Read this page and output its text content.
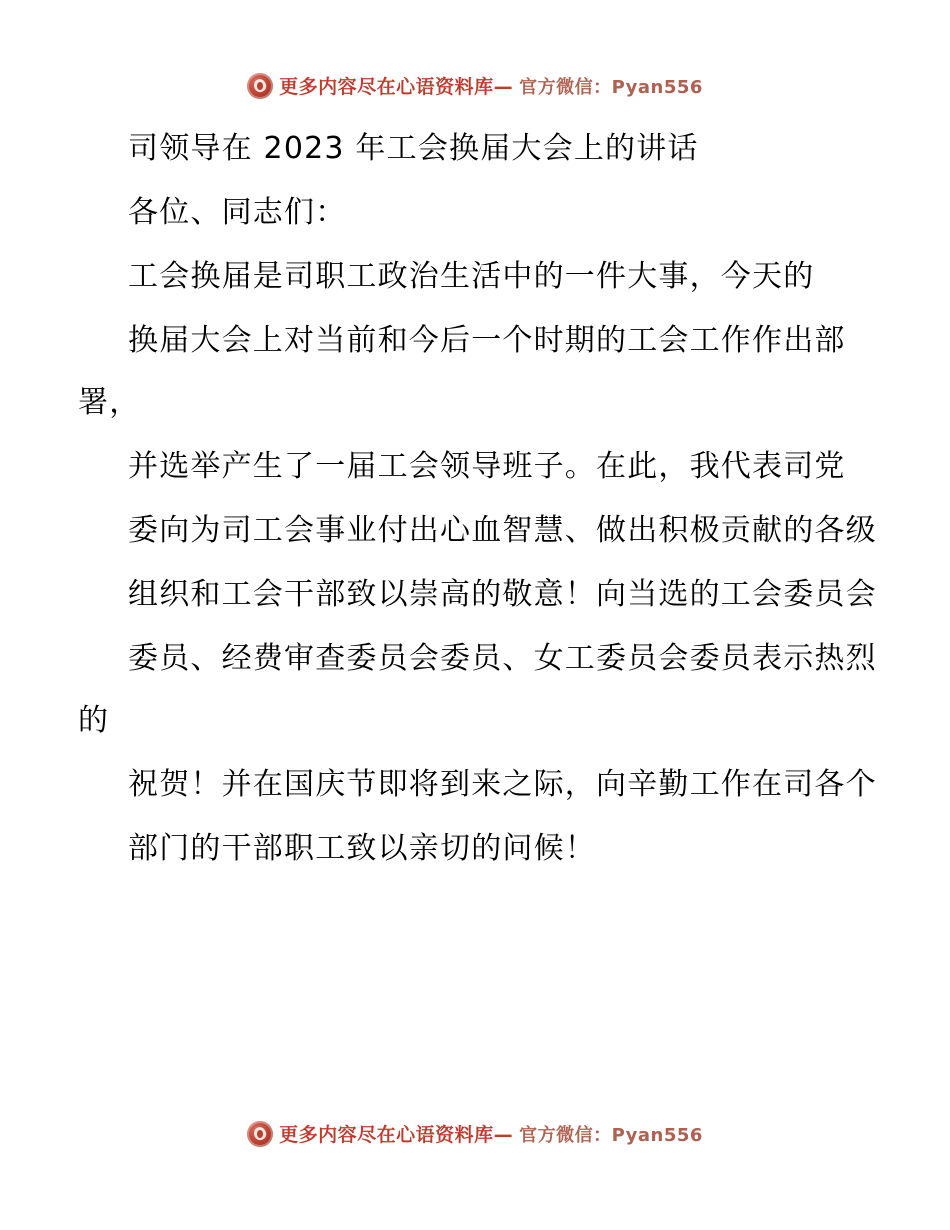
更多内容尽在心语资料库— 官方微信：Pyan556

司领导在 2023 年工会换届大会上的讲话

各位、同志们：

工会换届是司职工政治生活中的一件大事，今天的

换届大会上对当前和今后一个时期的工会工作作出部署，

并选举产生了一届工会领导班子。在此，我代表司党

委向为司工会事业付出心血智慧、做出积极贡献的各级

组织和工会干部致以崇高的敬意！向当选的工会委员会

委员、经费审查委员会委员、女工委员会委员表示热烈的

祝贺！并在国庆节即将到来之际，向辛勤工作在司各个

部门的干部职工致以亲切的问候！

更多内容尽在心语资料库— 官方微信：Pyan556
